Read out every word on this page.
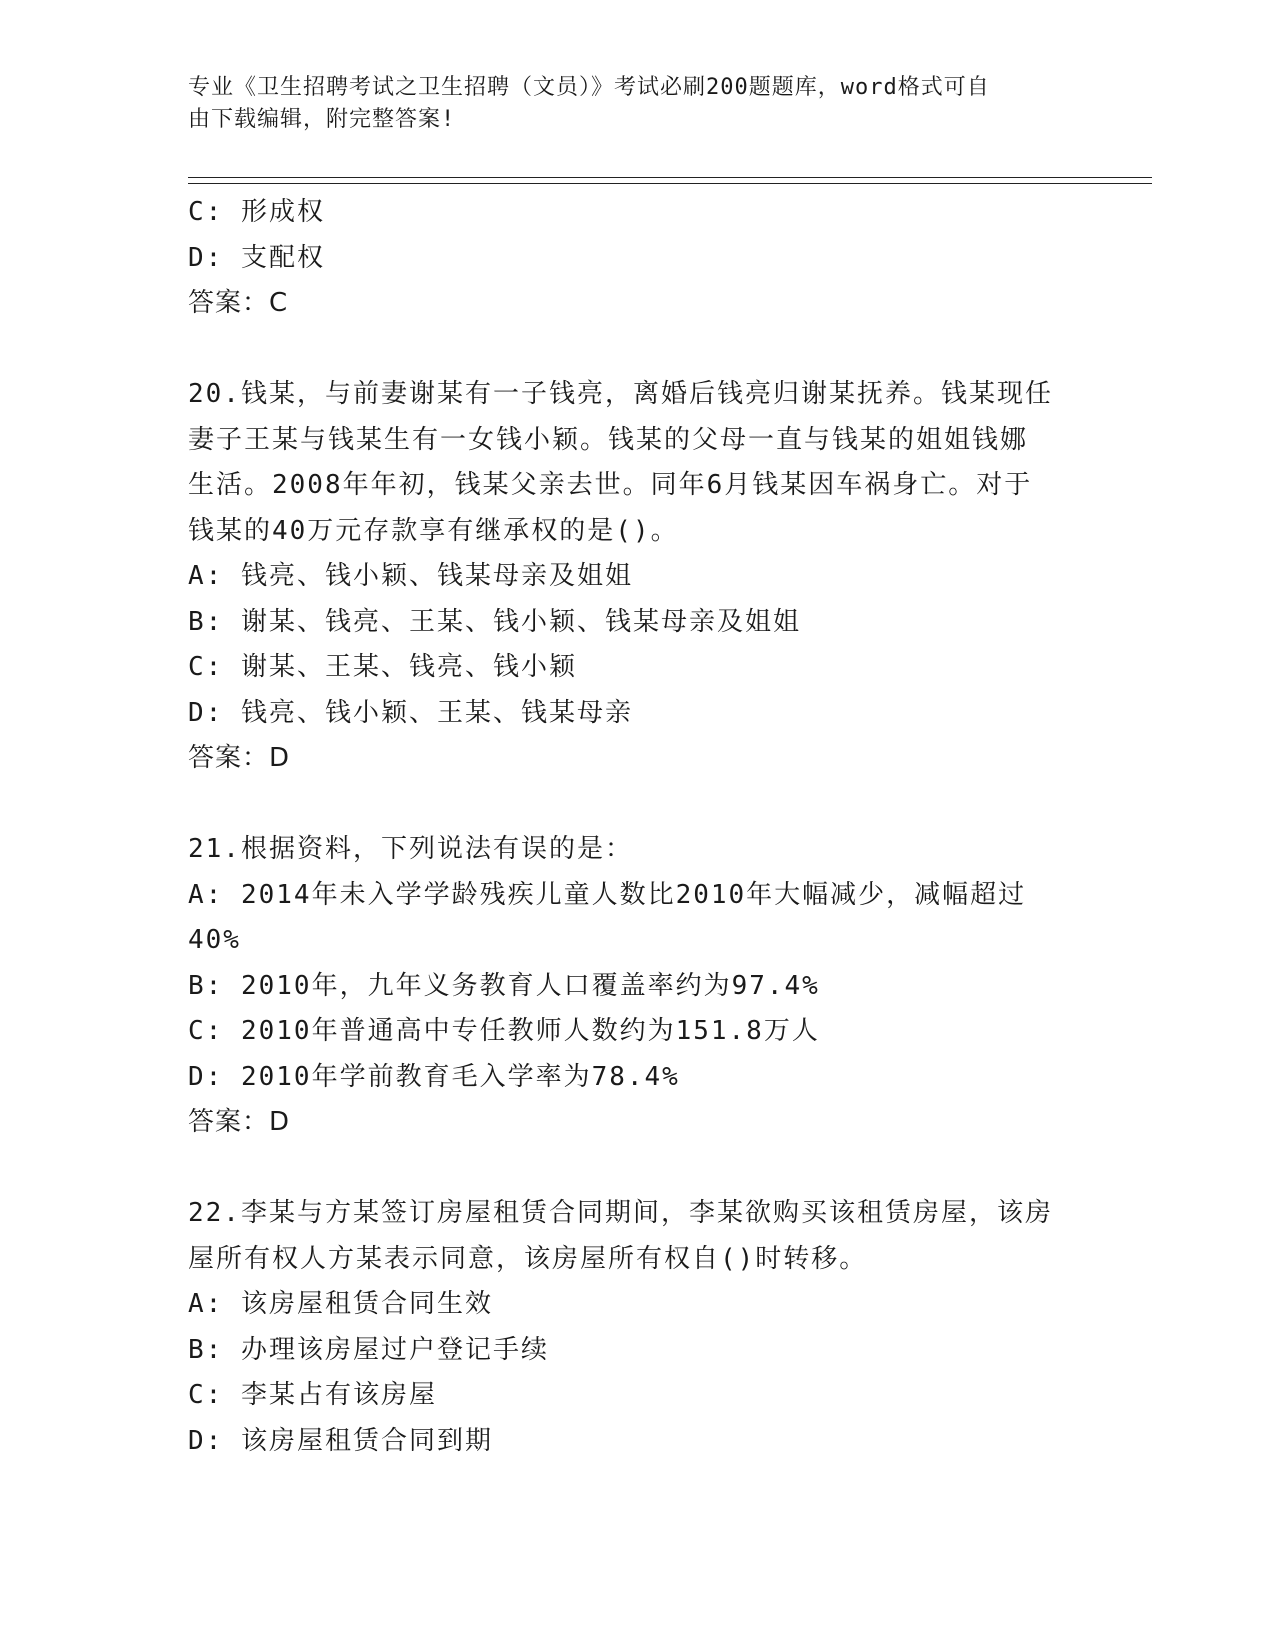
专业《卫生招聘考试之卫生招聘（文员）》考试必刷200题题库，word格式可自
由下载编辑，附完整答案!
C: 形成权
D: 支配权
答案：C
20.钱某，与前妻谢某有一子钱亮，离婚后钱亮归谢某抚养。钱某现任
妻子王某与钱某生有一女钱小颖。钱某的父母一直与钱某的姐姐钱娜
生活。2008年年初，钱某父亲去世。同年6月钱某因车祸身亡。对于
钱某的40万元存款享有继承权的是()。
A: 钱亮、钱小颖、钱某母亲及姐姐
B: 谢某、钱亮、王某、钱小颖、钱某母亲及姐姐
C: 谢某、王某、钱亮、钱小颖
D: 钱亮、钱小颖、王某、钱某母亲
答案：D
21.根据资料，下列说法有误的是：
A: 2014年未入学学龄残疾儿童人数比2010年大幅减少，减幅超过
40%
B: 2010年，九年义务教育人口覆盖率约为97.4%
C: 2010年普通高中专任教师人数约为151.8万人
D: 2010年学前教育毛入学率为78.4%
答案：D
22.李某与方某签订房屋租赁合同期间，李某欲购买该租赁房屋，该房
屋所有权人方某表示同意，该房屋所有权自()时转移。
A: 该房屋租赁合同生效
B: 办理该房屋过户登记手续
C: 李某占有该房屋
D: 该房屋租赁合同到期
